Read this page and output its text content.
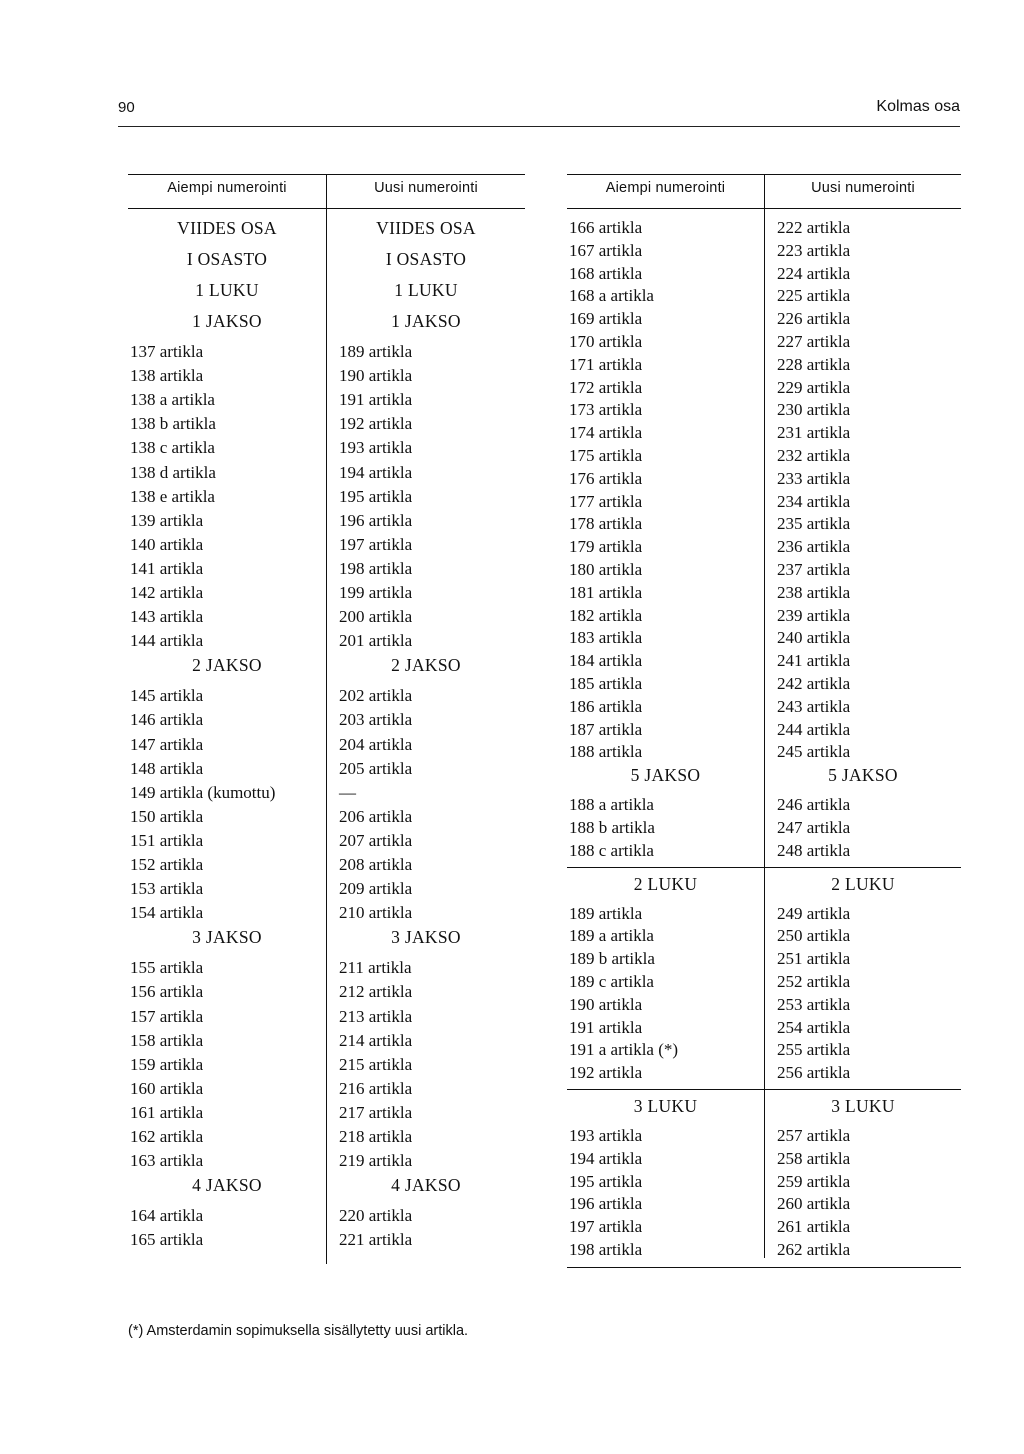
90	Kolmas osa
Aiempi numerointi	Uusi numerointi
VIIDES OSA	VIIDES OSA
I OSASTO	I OSASTO
1 LUKU	1 LUKU
1 JAKSO	1 JAKSO
137 artikla	189 artikla
138 artikla	190 artikla
138 a artikla	191 artikla
138 b artikla	192 artikla
138 c artikla	193 artikla
138 d artikla	194 artikla
138 e artikla	195 artikla
139 artikla	196 artikla
140 artikla	197 artikla
141 artikla	198 artikla
142 artikla	199 artikla
143 artikla	200 artikla
144 artikla	201 artikla
2 JAKSO	2 JAKSO
145 artikla	202 artikla
146 artikla	203 artikla
147 artikla	204 artikla
148 artikla	205 artikla
149 artikla (kumottu)	—
150 artikla	206 artikla
151 artikla	207 artikla
152 artikla	208 artikla
153 artikla	209 artikla
154 artikla	210 artikla
3 JAKSO	3 JAKSO
155 artikla	211 artikla
156 artikla	212 artikla
157 artikla	213 artikla
158 artikla	214 artikla
159 artikla	215 artikla
160 artikla	216 artikla
161 artikla	217 artikla
162 artikla	218 artikla
163 artikla	219 artikla
4 JAKSO	4 JAKSO
164 artikla	220 artikla
165 artikla	221 artikla
Aiempi numerointi	Uusi numerointi
166 artikla	222 artikla
167 artikla	223 artikla
168 artikla	224 artikla
168 a artikla	225 artikla
169 artikla	226 artikla
170 artikla	227 artikla
171 artikla	228 artikla
172 artikla	229 artikla
173 artikla	230 artikla
174 artikla	231 artikla
175 artikla	232 artikla
176 artikla	233 artikla
177 artikla	234 artikla
178 artikla	235 artikla
179 artikla	236 artikla
180 artikla	237 artikla
181 artikla	238 artikla
182 artikla	239 artikla
183 artikla	240 artikla
184 artikla	241 artikla
185 artikla	242 artikla
186 artikla	243 artikla
187 artikla	244 artikla
188 artikla	245 artikla
5 JAKSO	5 JAKSO
188 a artikla	246 artikla
188 b artikla	247 artikla
188 c artikla	248 artikla
2 LUKU	2 LUKU
189 artikla	249 artikla
189 a artikla	250 artikla
189 b artikla	251 artikla
189 c artikla	252 artikla
190 artikla	253 artikla
191 artikla	254 artikla
191 a artikla (*)	255 artikla
192 artikla	256 artikla
3 LUKU	3 LUKU
193 artikla	257 artikla
194 artikla	258 artikla
195 artikla	259 artikla
196 artikla	260 artikla
197 artikla	261 artikla
198 artikla	262 artikla
(*) Amsterdamin sopimuksella sisällytetty uusi artikla.
